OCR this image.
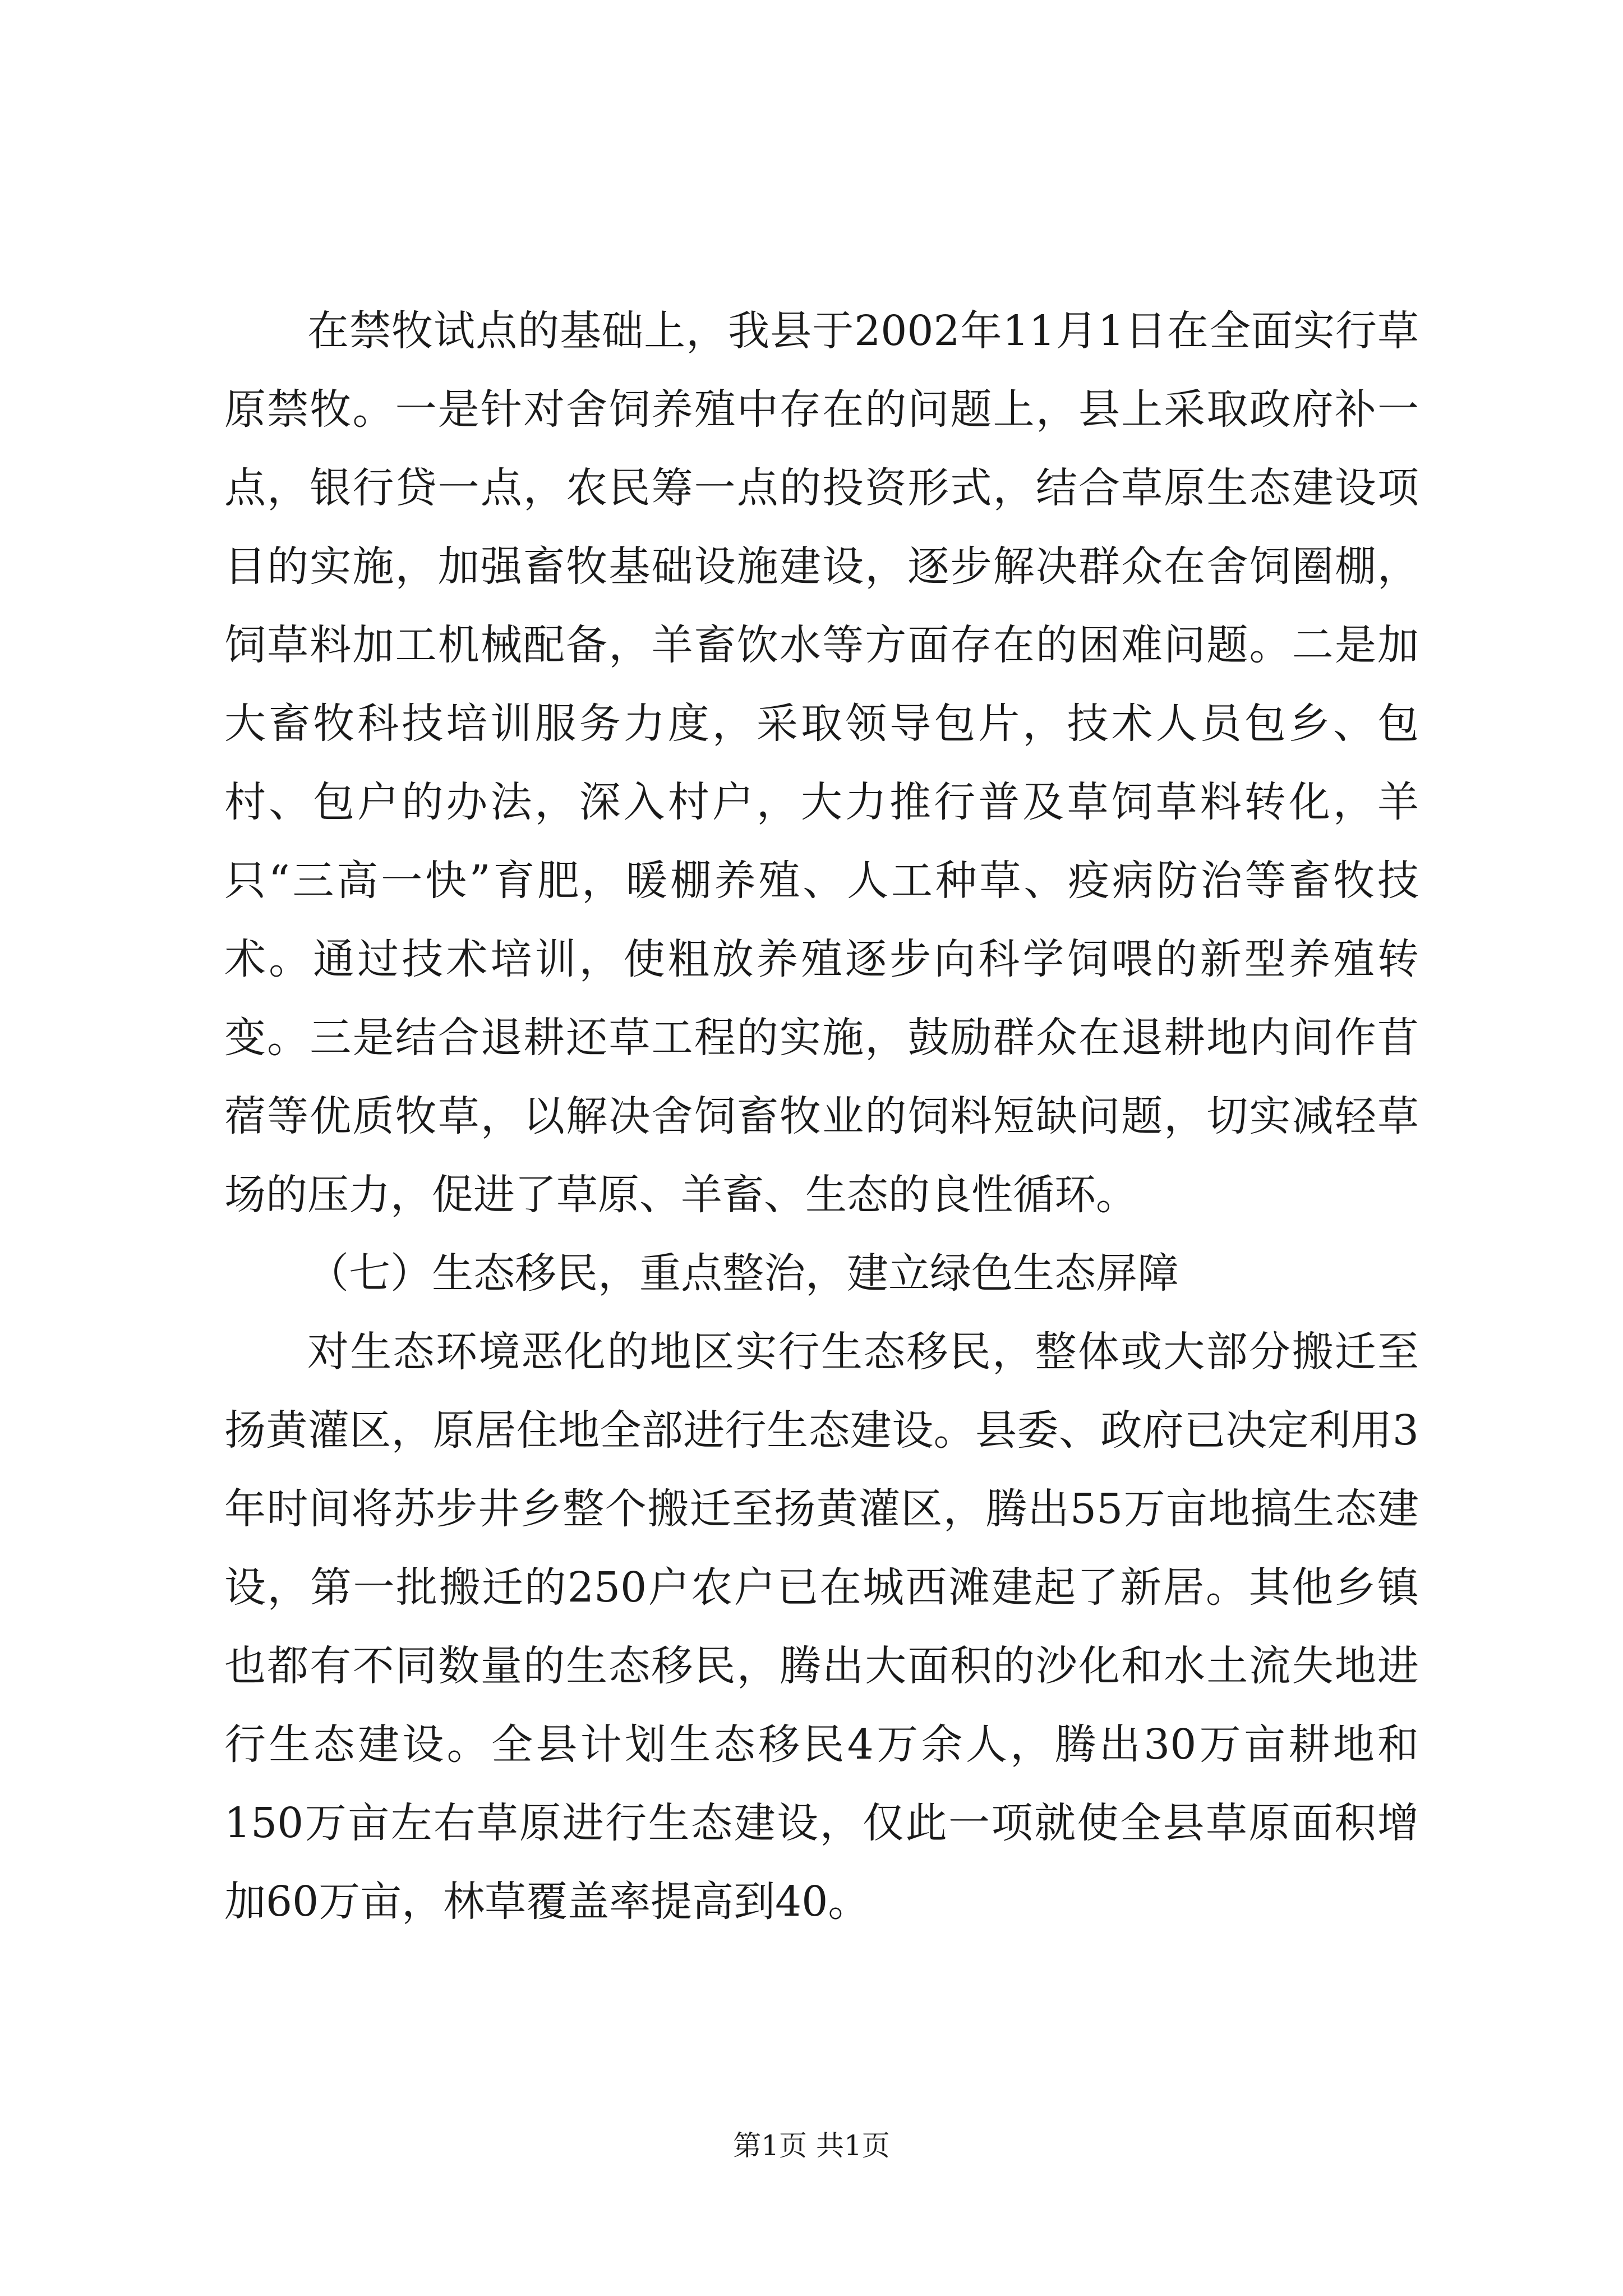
在禁牧试点的基础上，我县于2002年11月1日在全面实行草原禁牧。一是针对舍饲养殖中存在的问题上，县上采取政府补一点，银行贷一点，农民筹一点的投资形式，结合草原生态建设项目的实施，加强畜牧基础设施建设，逐步解决群众在舍饲圈棚，饲草料加工机械配备，羊畜饮水等方面存在的困难问题。二是加大畜牧科技培训服务力度，采取领导包片，技术人员包乡、包村、包户的办法，深入村户，大力推行普及草饲草料转化，羊只“三高一快”育肥，暖棚养殖、人工种草、疫病防治等畜牧技术。通过技术培训，使粗放养殖逐步向科学饲喂的新型养殖转变。三是结合退耕还草工程的实施，鼓励群众在退耕地内间作苜蓿等优质牧草，以解决舍饲畜牧业的饲料短缺问题，切实减轻草场的压力，促进了草原、羊畜、生态的良性循环。

（七）生态移民，重点整治，建立绿色生态屏障

对生态环境恶化的地区实行生态移民，整体或大部分搬迁至扬黄灌区，原居住地全部进行生态建设。县委、政府已决定利用3年时间将苏步井乡整个搬迁至扬黄灌区，腾出55万亩地搞生态建设，第一批搬迁的250户农户已在城西滩建起了新居。其他乡镇也都有不同数量的生态移民，腾出大面积的沙化和水土流失地进行生态建设。全县计划生态移民4万余人，腾出30万亩耕地和150万亩左右草原进行生态建设，仅此一项就使全县草原面积增加60万亩，林草覆盖率提高到40。

第1页 共1页
